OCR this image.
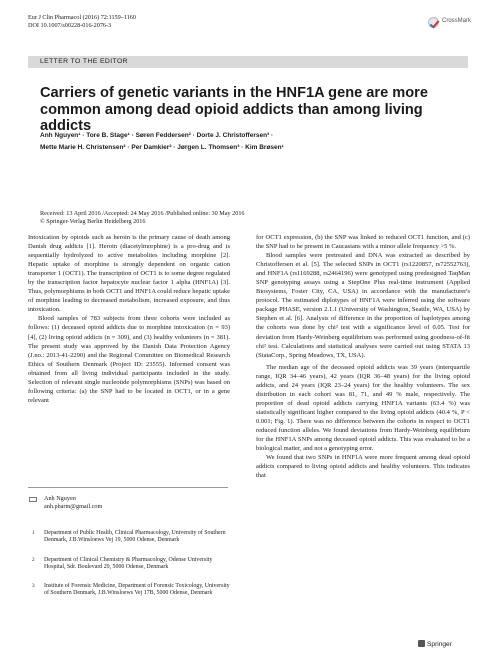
Eur J Clin Pharmacol (2016) 72:1159–1160
DOI 10.1007/s00228-016-2076-3
CrossMark
LETTER TO THE EDITOR
Carriers of genetic variants in the HNF1A gene are more common among dead opioid addicts than among living addicts
Anh Nguyen¹ · Tore B. Stage¹ · Søren Feddersen² · Dorte J. Christoffersen³ ·
Mette Marie H. Christensen² · Per Damkier² · Jørgen L. Thomsen³ · Kim Brøsen¹
Received: 13 April 2016 /Accepted: 24 May 2016 /Published online: 30 May 2016
© Springer-Verlag Berlin Heidelberg 2016

Intoxication by opioids such as heroin is the primary cause of death among Danish drug addicts [1]. Heroin (diacetylmorphine) is a pro-drug and is sequentially hydrolyzed to active metabolites including morphine [2]. Hepatic uptake of morphine is strongly dependent on organic cation transporter 1 (OCT1). The transcription of OCT1 is to some degree regulated by the transcription factor hepatocyte nuclear factor 1 alpha (HNF1A) [3]. Thus, polymorphisms in both OCT1 and HNF1A could reduce hepatic uptake of morphine leading to decreased metabolism, increased exposure, and thus intoxication.

Blood samples of 783 subjects from three cohorts were included as follows: (1) deceased opioid addicts due to morphine intoxication (n = 93) [4], (2) living opioid addicts (n = 309), and (3) healthy volunteers (n = 381). The present study was approved by the Danish Data Protection Agency (J.no.: 2013-41-2290) and the Regional Committee on Biomedical Research Ethics of Southern Denmark (Project ID: 23555). Informed consent was obtained from all living individual participants included in the study. Selection of relevant single nucleotide polymorphisms (SNPs) was based on following criteria: (a) the SNP had to be located in OCT1, or in a gene relevant

Anh Nguyen
anh.pharm@gmail.com
1 Department of Public Health, Clinical Pharmacology, University of Southern Denmark, J.B.Winsloews Vej 19, 5000 Odense, Denmark
2 Department of Clinical Chemistry & Pharmacology, Odense University Hospital, Sdr. Boulevard 29, 5000 Odense, Denmark
3 Institute of Forensic Medicine, Department of Forensic Toxicology, University of Southern Denmark, J.B.Winsloews Vej 17B, 5000 Odense, Denmark

for OCT1 expression, (b) the SNP was linked to reduced OCT1 function, and (c) the SNP had to be present in Caucasians with a minor allele frequency >5 %.

Blood samples were pretreated and DNA was extracted as described by Christoffersen et al. [5]. The selected SNPs in OCT1 (rs1220857, rs72552763), and HNF1A (rs1169288, rs2464196) were genotyped using predesigned TaqMan SNP genotyping assays using a StepOne Plus real-time instrument (Applied Biosystems, Foster City, CA, USA) in accordance with the manufacturer's protocol. The estimated diplotypes of HNF1A were inferred using the software package PHASE, version 2.1.1 (University of Washington, Seattle, WA, USA) by Stephen et al. [6]. Analysis of difference in the proportion of haplotypes among the cohorts was done by chi² test with a significance level of 0.05. Test for deviation from Hardy-Weinberg equilibrium was performed using goodness-of-fit chi² test. Calculations and statistical analyses were carried out using STATA 13 (StataCorp., Spring Meadows, TX, USA).

The median age of the deceased opioid addicts was 39 years (interquartile range, IQR 34–46 years), 42 years (IQR 36–48 years) for the living opioid addicts, and 24 years (IQR 23–24 years) for the healthy volunteers. The sex distribution in each cohort was 81, 71, and 49 % male, respectively. The proportion of dead opioid addicts carrying HNF1A variants (63.4 %) was statistically significant higher compared to the living opioid addicts (40.4 %, P < 0.001; Fig. 1). There was no difference between the cohorts in respect to OCT1 reduced function alleles. We found deviations from Hardy-Weinberg equilibrium for the HNF1A SNPs among deceased opioid addicts. This was evaluated to be a biological matter, and not a genotyping error.

We found that two SNPs in HNF1A were more frequent among dead opioid addicts compared to living opioid addicts and healthy volunteers. This indicates that

Springer
